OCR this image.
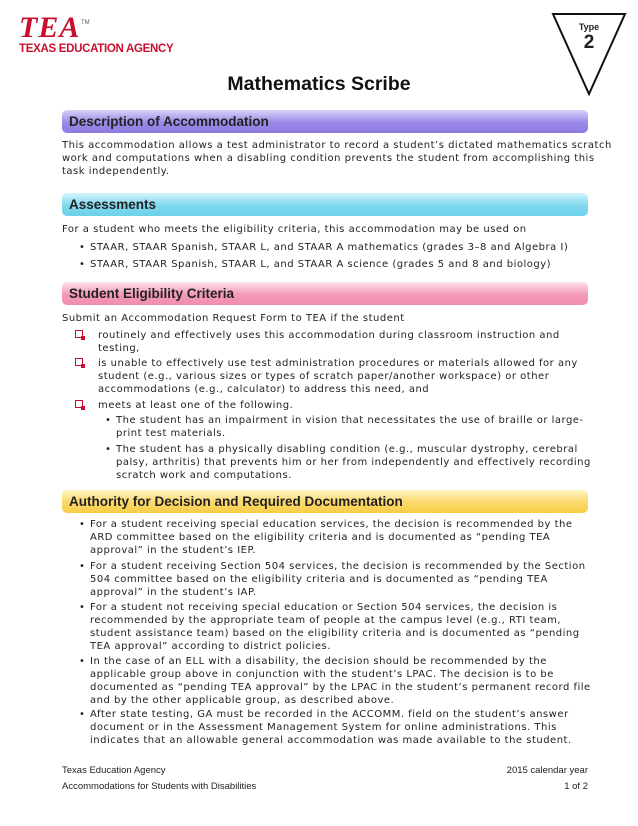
TEA TM
TEXAS EDUCATION AGENCY
Type
2
Mathematics Scribe
Description of Accommodation
This accommodation allows a test administrator to record a student’s dictated mathematics scratch
work and computations when a disabling condition prevents the student from accomplishing this
task independently.
Assessments
For a student who meets the eligibility criteria, this accommodation may be used on
• STAAR, STAAR Spanish, STAAR L, and STAAR A mathematics (grades 3–8 and Algebra I)
• STAAR, STAAR Spanish, STAAR L, and STAAR A science (grades 5 and 8 and biology)
Student Eligibility Criteria
Submit an Accommodation Request Form to TEA if the student
routinely and effectively uses this accommodation during classroom instruction and
testing,
is unable to effectively use test administration procedures or materials allowed for any
student (e.g., various sizes or types of scratch paper/another workspace) or other
accommodations (e.g., calculator) to address this need, and
meets at least one of the following.
• The student has an impairment in vision that necessitates the use of braille or large-
print test materials.
• The student has a physically disabling condition (e.g., muscular dystrophy, cerebral
palsy, arthritis) that prevents him or her from independently and effectively recording
scratch work and computations.
Authority for Decision and Required Documentation
• For a student receiving special education services, the decision is recommended by the
ARD committee based on the eligibility criteria and is documented as “pending TEA
approval” in the student’s IEP.
• For a student receiving Section 504 services, the decision is recommended by the Section
504 committee based on the eligibility criteria and is documented as “pending TEA
approval” in the student’s IAP.
• For a student not receiving special education or Section 504 services, the decision is
recommended by the appropriate team of people at the campus level (e.g., RTI team,
student assistance team) based on the eligibility criteria and is documented as “pending
TEA approval” according to district policies.
• In the case of an ELL with a disability, the decision should be recommended by the
applicable group above in conjunction with the student’s LPAC. The decision is to be
documented as “pending TEA approval” by the LPAC in the student’s permanent record file
and by the other applicable group, as described above.
• After state testing, GA must be recorded in the ACCOMM. field on the student’s answer
document or in the Assessment Management System for online administrations. This
indicates that an allowable general accommodation was made available to the student.
Texas Education Agency
Accommodations for Students with Disabilities
2015 calendar year
1 of 2
